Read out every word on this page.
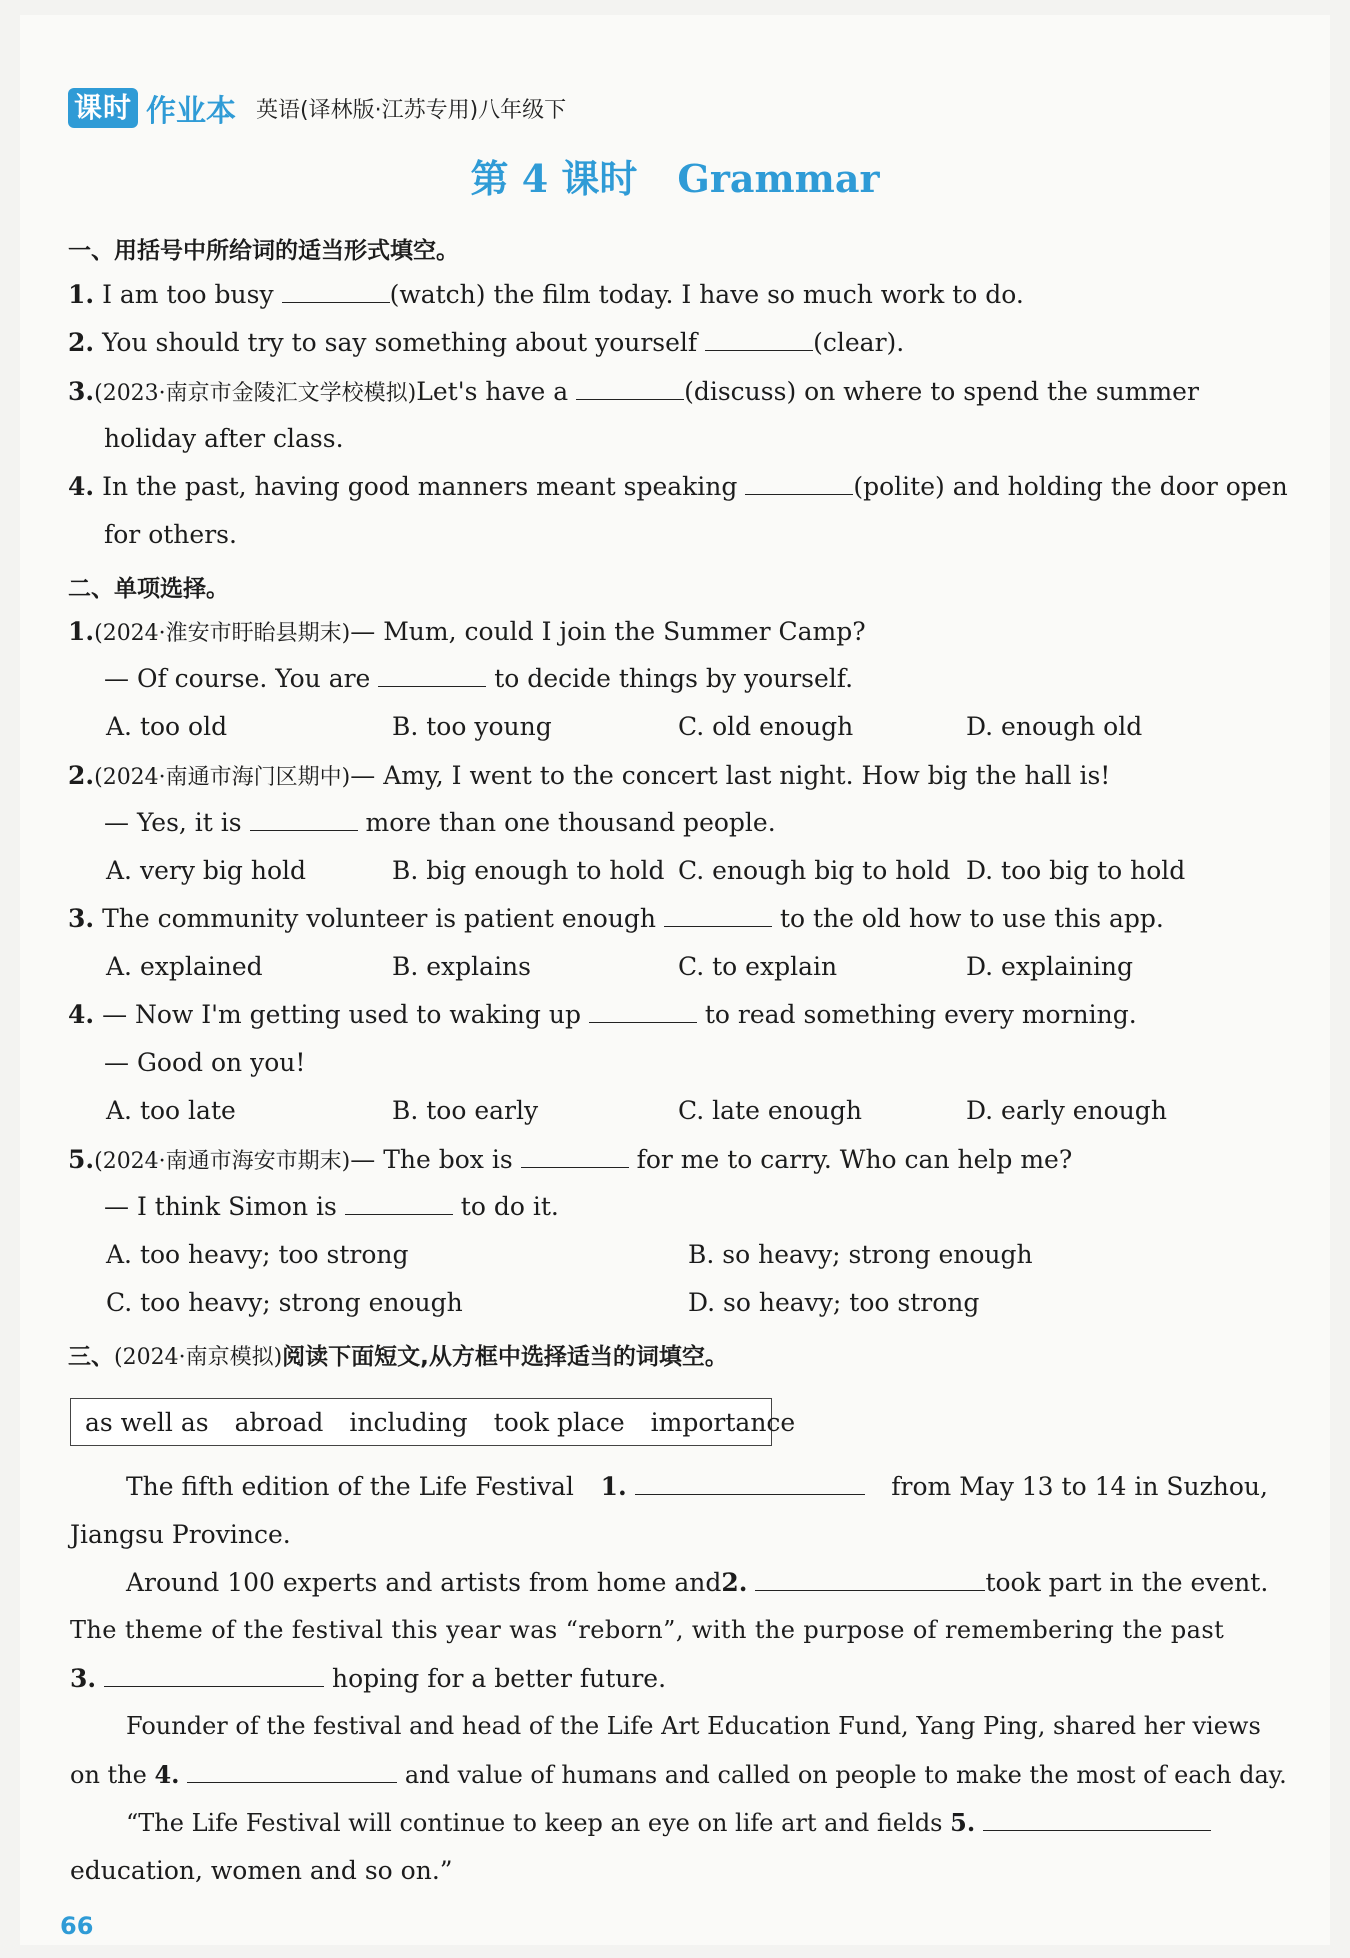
课时 作业本 英语(译林版·江苏专用)八年级下
第 4 课时 Grammar
一、用括号中所给词的适当形式填空。
1. I am too busy	(watch) the film today. I have so much work to do.
2. You should try to say something about yourself	(clear).
3.(2023·南京市金陵汇文学校模拟)Let's have a	(discuss) on where to spend the summer
holiday after class.
4. In the past, having good manners meant speaking	(polite) and holding the door open
for others.
二、单项选择。
1.(2024·淮安市盱眙县期末)— Mum, could I join the Summer Camp?
— Of course. You are	to decide things by yourself.
A. too old	B. too young	C. old enough	D. enough old
2.(2024·南通市海门区期中)— Amy, I went to the concert last night. How big the hall is!
— Yes, it is	more than one thousand people.
A. very big hold	B. big enough to hold C. enough big to hold D. too big to hold
3. The community volunteer is patient enough	to the old how to use this app.
A. explained	B. explains	C. to explain	D. explaining
4. — Now I'm getting used to waking up	to read something every morning.
— Good on you!
A. too late	B. too early	C. late enough	D. early enough
5.(2024·南通市海安市期末)— The box is	for me to carry. Who can help me?
— I think Simon is	to do it.
A. too heavy; too strong	B. so heavy; strong enough
C. too heavy; strong enough	D. so heavy; too strong
三、(2024·南京模拟)阅读下面短文,从方框中选择适当的词填空。
as well as abroad including took place importance
The fifth edition of the Life Festival 1.	from May 13 to 14 in Suzhou,
Jiangsu Province.
Around 100 experts and artists from home and 2.	took part in the event.
The theme of the festival this year was “reborn”, with the purpose of remembering the past
3.	hoping for a better future.
Founder of the festival and head of the Life Art Education Fund, Yang Ping, shared her views
on the 4.	and value of humans and called on people to make the most of each day.
“The Life Festival will continue to keep an eye on life art and fields 5.
education, women and so on.”
66
